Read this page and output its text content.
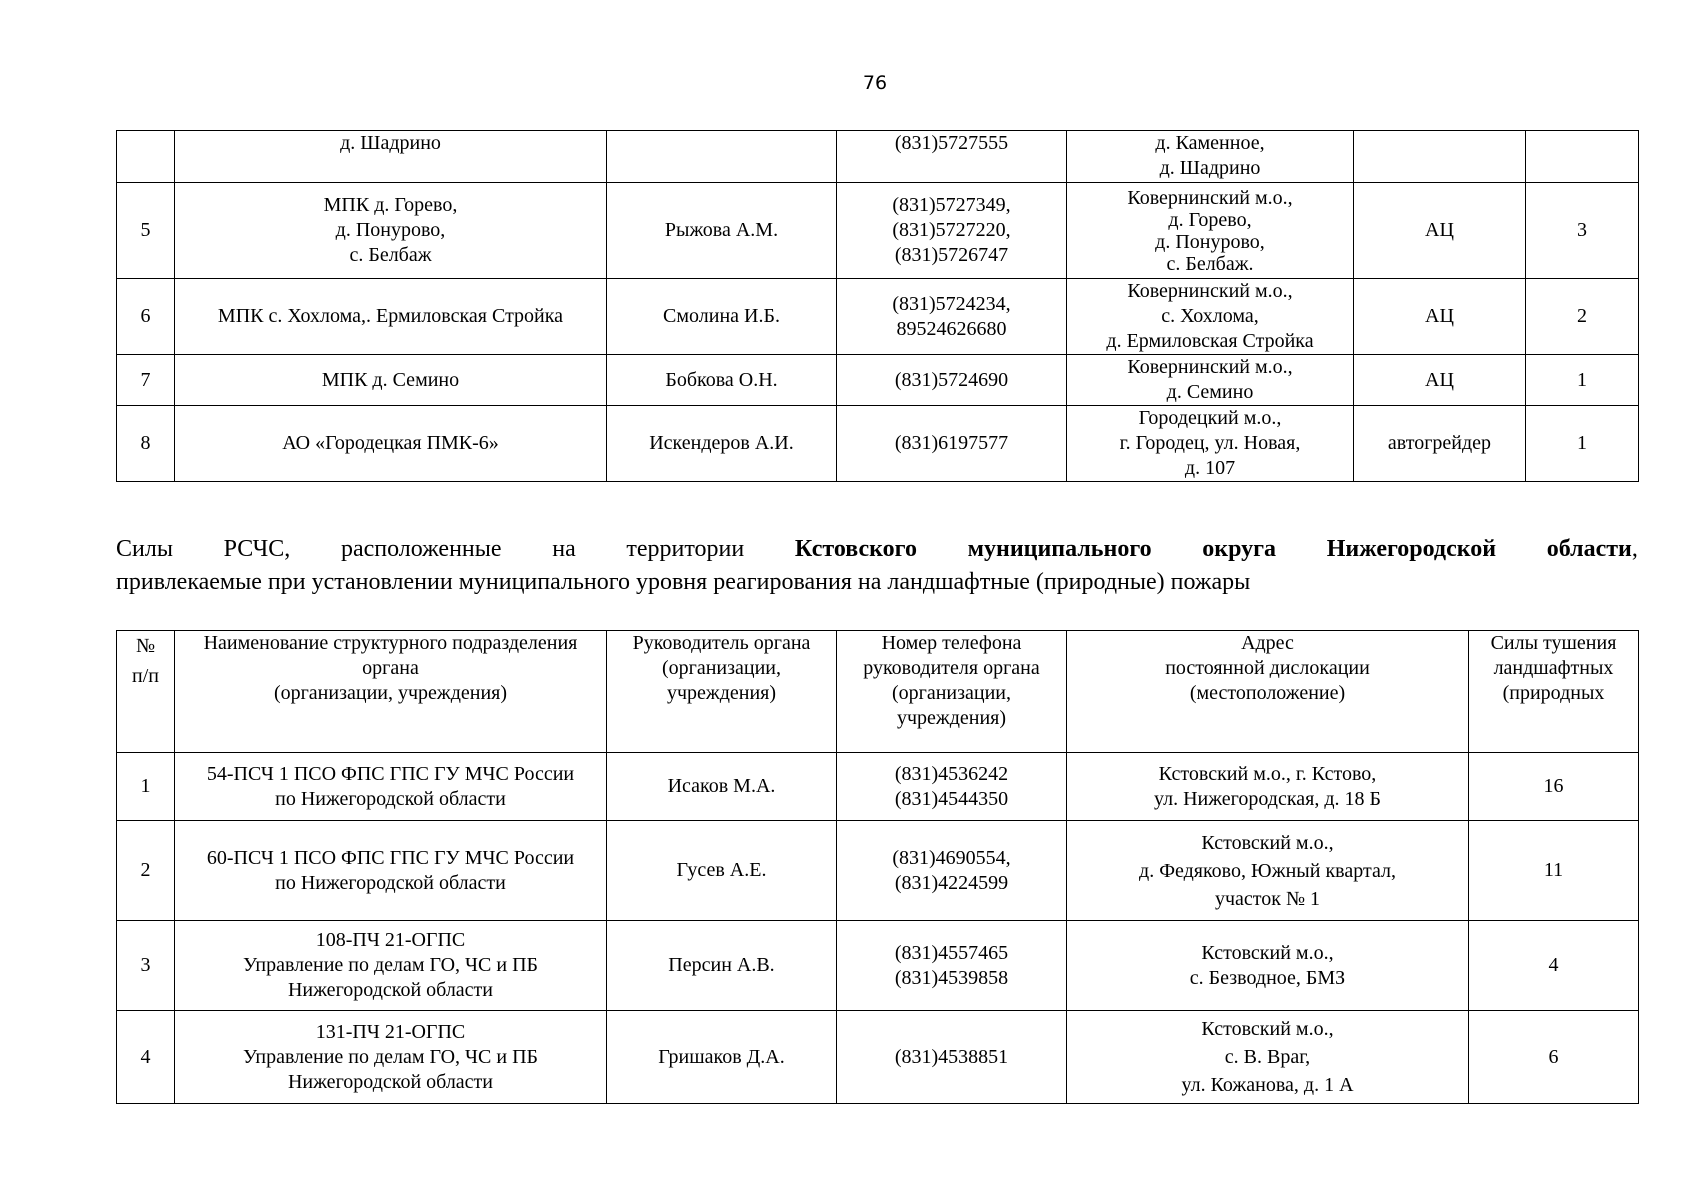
76

	д. Шадрино		(831)5727555	д. Каменное,
д. Шадрино		

5	МПК д. Горево,
д. Понурово,
с. Белбаж	Рыжова А.М.	(831)5727349,
(831)5727220,
(831)5726747	Ковернинский м.о.,
д. Горево,
д. Понурово,
с. Белбаж.	АЦ	3
6	МПК с. Хохлома,. Ермиловская Стройка	Смолина И.Б.	(831)5724234,
89524626680	Ковернинский м.о.,
с. Хохлома,
д. Ермиловская Стройка	АЦ	2
7	МПК д. Семино	Бобкова О.Н.	(831)5724690	Ковернинский м.о.,
д. Семино	АЦ	1
8	АО «Городецкая ПМК-6»	Искендеров А.И.	(831)6197577	Городецкий м.о.,
г. Городец, ул. Новая,
д. 107	автогрейдер	1
Силы РСЧС, расположенные на территории Кстовского муниципального округа Нижегородской области,
привлекаемые при установлении муниципального уровня реагирования на ландшафтные (природные) пожары
№
п/п	Наименование структурного подразделения
органа
(организации, учреждения)	Руководитель органа
(организации,
учреждения)	Номер телефона
руководителя органа
(организации,
учреждения)	Адрес
постоянной дислокации
(местоположение)	Силы тушения
ландшафтных
(природных

1	54-ПСЧ 1 ПСО ФПС ГПС ГУ МЧС России
по Нижегородской области	Исаков М.А.	(831)4536242
(831)4544350	Кстовский м.о., г. Кстово,
ул. Нижегородская, д. 18 Б	16
2	60-ПСЧ 1 ПСО ФПС ГПС ГУ МЧС России
по Нижегородской области	Гусев А.Е.	(831)4690554,
(831)4224599	Кстовский м.о.,
д. Федяково, Южный квартал,
участок № 1	11
3	108-ПЧ 21-ОГПС
Управление по делам ГО, ЧС и ПБ
Нижегородской области	Персин А.В.	(831)4557465
(831)4539858	Кстовский м.о.,
с. Безводное, БМЗ	4
4	131-ПЧ 21-ОГПС
Управление по делам ГО, ЧС и ПБ
Нижегородской области	Гришаков Д.А.	(831)4538851	Кстовский м.о.,
с. В. Враг,
ул. Кожанова, д. 1 А	6
